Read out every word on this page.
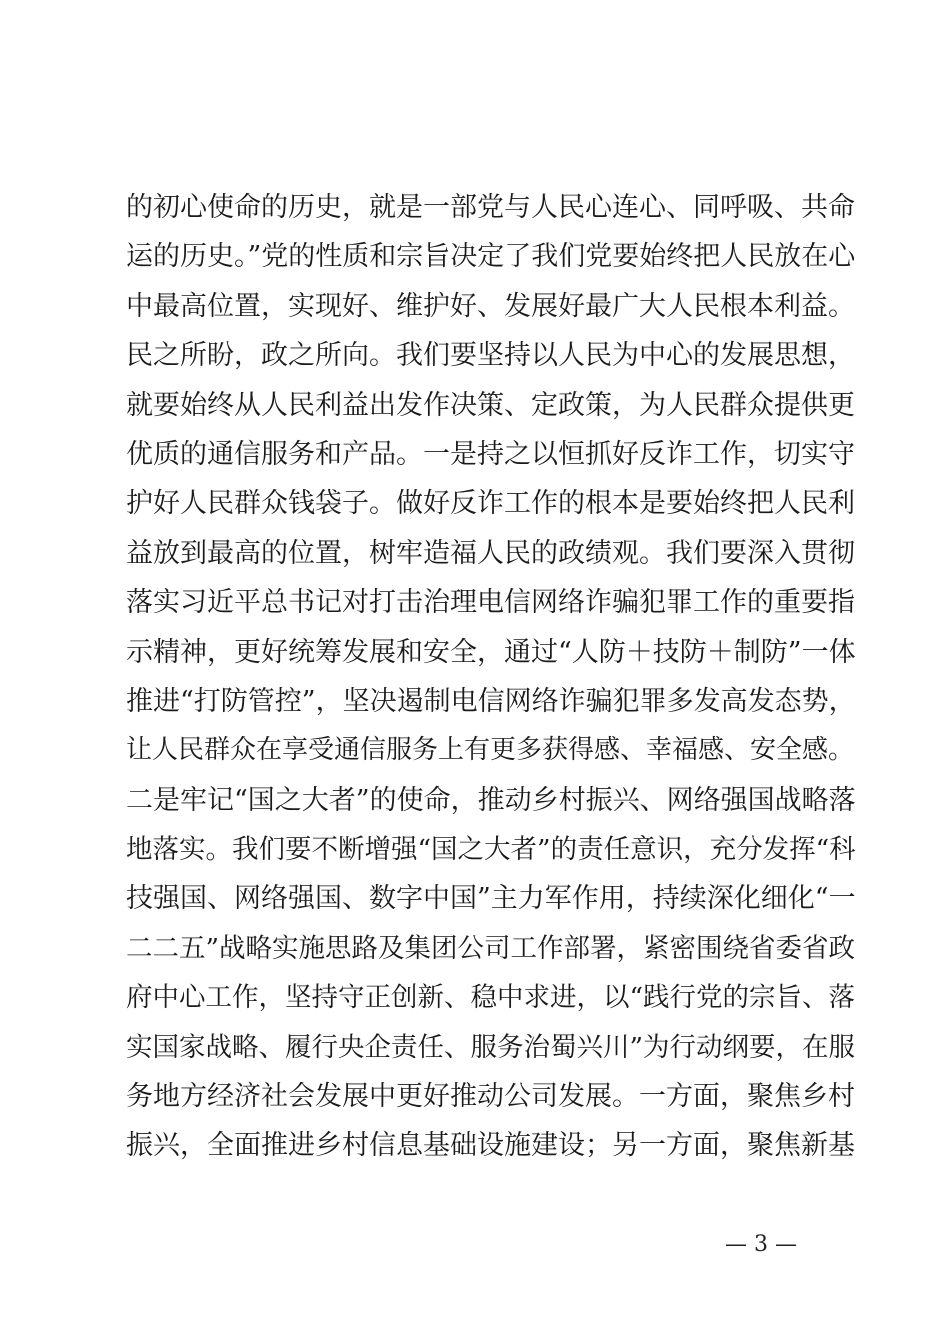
的初心使命的历史，就是一部党与人民心连心、同呼吸、共命
运的历史。”党的性质和宗旨决定了我们党要始终把人民放在心
中最高位置，实现好、维护好、发展好最广大人民根本利益。
民之所盼，政之所向。我们要坚持以人民为中心的发展思想，
就要始终从人民利益出发作决策、定政策，为人民群众提供更
优质的通信服务和产品。一是持之以恒抓好反诈工作，切实守
护好人民群众钱袋子。做好反诈工作的根本是要始终把人民利
益放到最高的位置，树牢造福人民的政绩观。我们要深入贯彻
落实习近平总书记对打击治理电信网络诈骗犯罪工作的重要指
示精神，更好统筹发展和安全，通过“人防＋技防＋制防”一体
推进“打防管控”，坚决遏制电信网络诈骗犯罪多发高发态势，
让人民群众在享受通信服务上有更多获得感、幸福感、安全感。
二是牢记“国之大者”的使命，推动乡村振兴、网络强国战略落
地落实。我们要不断增强“国之大者”的责任意识，充分发挥“科
技强国、网络强国、数字中国”主力军作用，持续深化细化“一
二二五”战略实施思路及集团公司工作部署，紧密围绕省委省政
府中心工作，坚持守正创新、稳中求进，以“践行党的宗旨、落
实国家战略、履行央企责任、服务治蜀兴川”为行动纲要，在服
务地方经济社会发展中更好推动公司发展。一方面，聚焦乡村
振兴，全面推进乡村信息基础设施建设；另一方面，聚焦新基
— 3 —
